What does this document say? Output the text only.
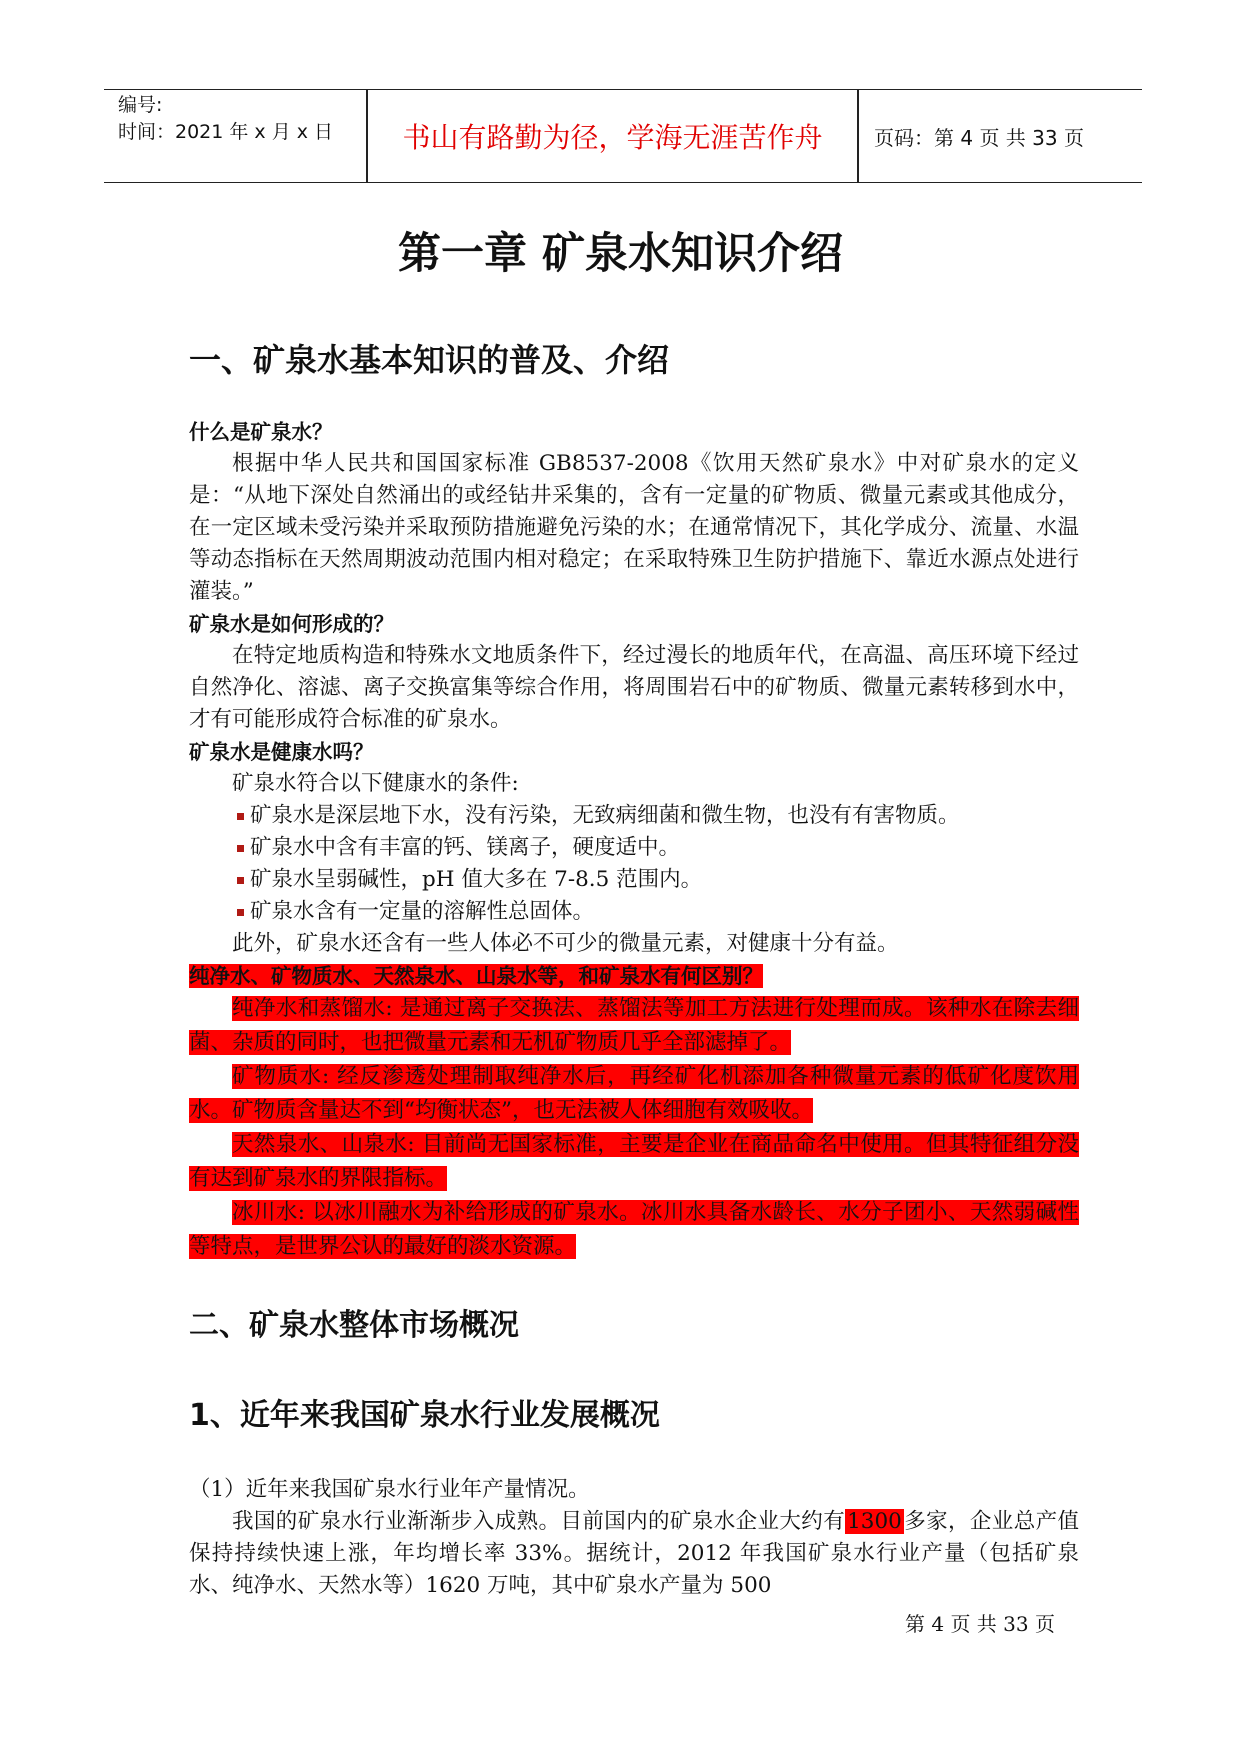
编号:
时间：2021 年 x 月 x 日	书山有路勤为径，学海无涯苦作舟	页码：第 4 页 共 33 页
第一章 矿泉水知识介绍
一、矿泉水基本知识的普及、介绍
什么是矿泉水？
根据中华人民共和国国家标准 GB8537-2008《饮用天然矿泉水》中对矿泉水的定义是：“从地下深处自然涌出的或经钻井采集的，含有一定量的矿物质、微量元素或其他成分，在一定区域未受污染并采取预防措施避免污染的水；在通常情况下，其化学成分、流量、水温等动态指标在天然周期波动范围内相对稳定；在采取特殊卫生防护措施下、靠近水源点处进行灌装。”
矿泉水是如何形成的？
在特定地质构造和特殊水文地质条件下，经过漫长的地质年代，在高温、高压环境下经过自然净化、溶滤、离子交换富集等综合作用，将周围岩石中的矿物质、微量元素转移到水中，才有可能形成符合标准的矿泉水。
矿泉水是健康水吗？
矿泉水符合以下健康水的条件:
矿泉水是深层地下水，没有污染，无致病细菌和微生物，也没有有害物质。
矿泉水中含有丰富的钙、镁离子，硬度适中。
矿泉水呈弱碱性，pH 值大多在 7-8.5 范围内。
矿泉水含有一定量的溶解性总固体。
此外，矿泉水还含有一些人体必不可少的微量元素，对健康十分有益。
纯净水、矿物质水、天然泉水、山泉水等，和矿泉水有何区别？
纯净水和蒸馏水: 是通过离子交换法、蒸馏法等加工方法进行处理而成。该种水在除去细菌、杂质的同时，也把微量元素和无机矿物质几乎全部滤掉了。
矿物质水: 经反渗透处理制取纯净水后，再经矿化机添加各种微量元素的低矿化度饮用水。矿物质含量达不到“均衡状态”，也无法被人体细胞有效吸收。
天然泉水、山泉水: 目前尚无国家标准，主要是企业在商品命名中使用。但其特征组分没有达到矿泉水的界限指标。
冰川水: 以冰川融水为补给形成的矿泉水。冰川水具备水龄长、水分子团小、天然弱碱性等特点，是世界公认的最好的淡水资源。
二、矿泉水整体市场概况
1、近年来我国矿泉水行业发展概况
（1）近年来我国矿泉水行业年产量情况。
我国的矿泉水行业渐渐步入成熟。目前国内的矿泉水企业大约有1300多家，企业总产值保持持续快速上涨，年均增长率 33%。据统计，2012 年我国矿泉水行业产量（包括矿泉水、纯净水、天然水等）1620 万吨，其中矿泉水产量为 500
第 4 页 共 33 页
